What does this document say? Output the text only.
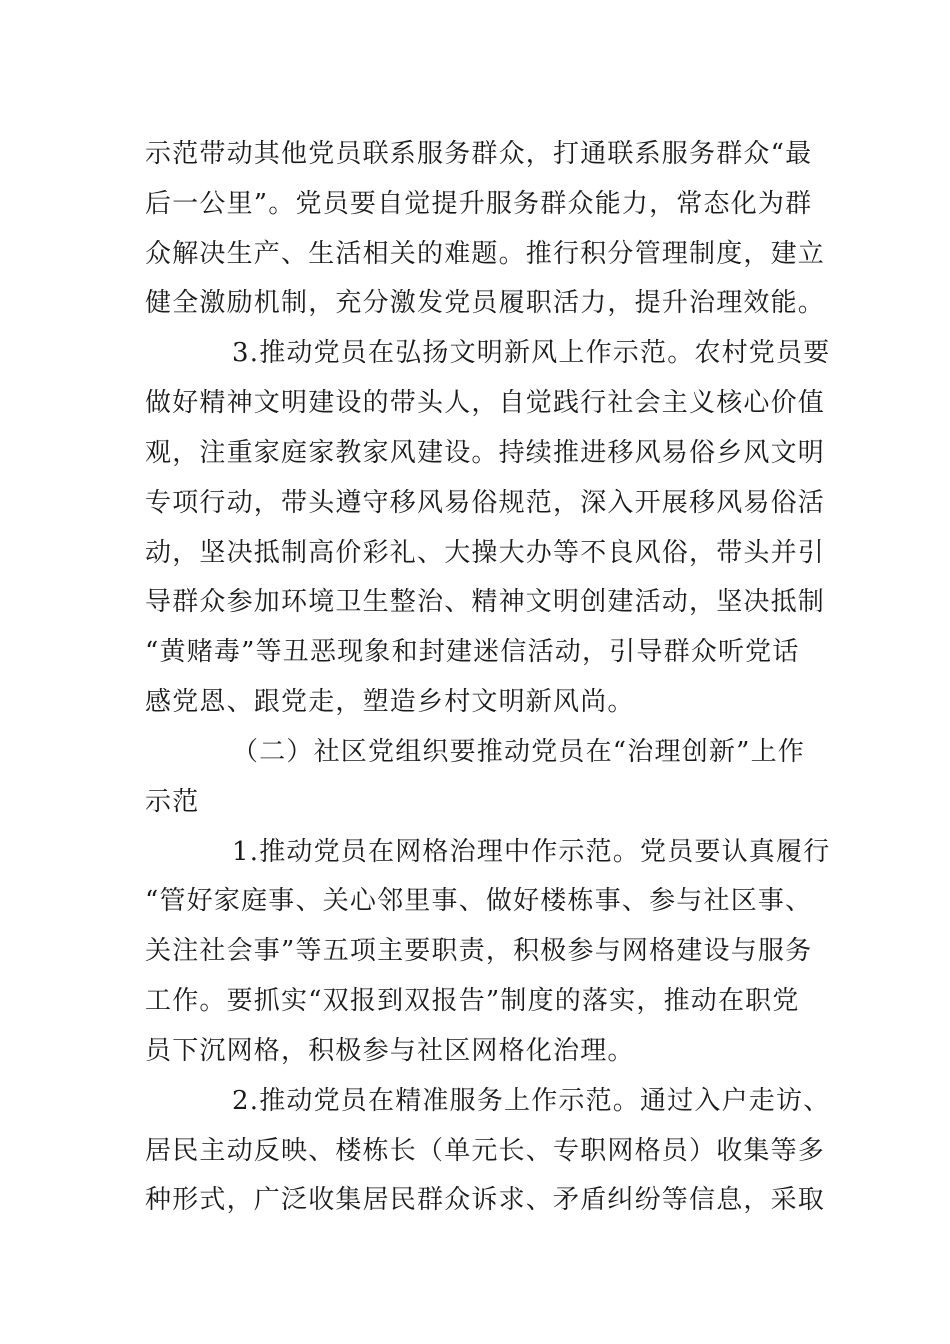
示范带动其他党员联系服务群众，打通联系服务群众“最
后一公里”。党员要自觉提升服务群众能力，常态化为群
众解决生产、生活相关的难题。推行积分管理制度，建立
健全激励机制，充分激发党员履职活力，提升治理效能。
3.推动党员在弘扬文明新风上作示范。农村党员要
做好精神文明建设的带头人，自觉践行社会主义核心价值
观，注重家庭家教家风建设。持续推进移风易俗乡风文明
专项行动，带头遵守移风易俗规范，深入开展移风易俗活
动，坚决抵制高价彩礼、大操大办等不良风俗，带头并引
导群众参加环境卫生整治、精神文明创建活动，坚决抵制
“黄赌毒”等丑恶现象和封建迷信活动，引导群众听党话
感党恩、跟党走，塑造乡村文明新风尚。
（二）社区党组织要推动党员在“治理创新”上作
示范
1.推动党员在网格治理中作示范。党员要认真履行
“管好家庭事、关心邻里事、做好楼栋事、参与社区事、
关注社会事”等五项主要职责，积极参与网格建设与服务
工作。要抓实“双报到双报告”制度的落实，推动在职党
员下沉网格，积极参与社区网格化治理。
2.推动党员在精准服务上作示范。通过入户走访、
居民主动反映、楼栋长（单元长、专职网格员）收集等多
种形式，广泛收集居民群众诉求、矛盾纠纷等信息，采取
